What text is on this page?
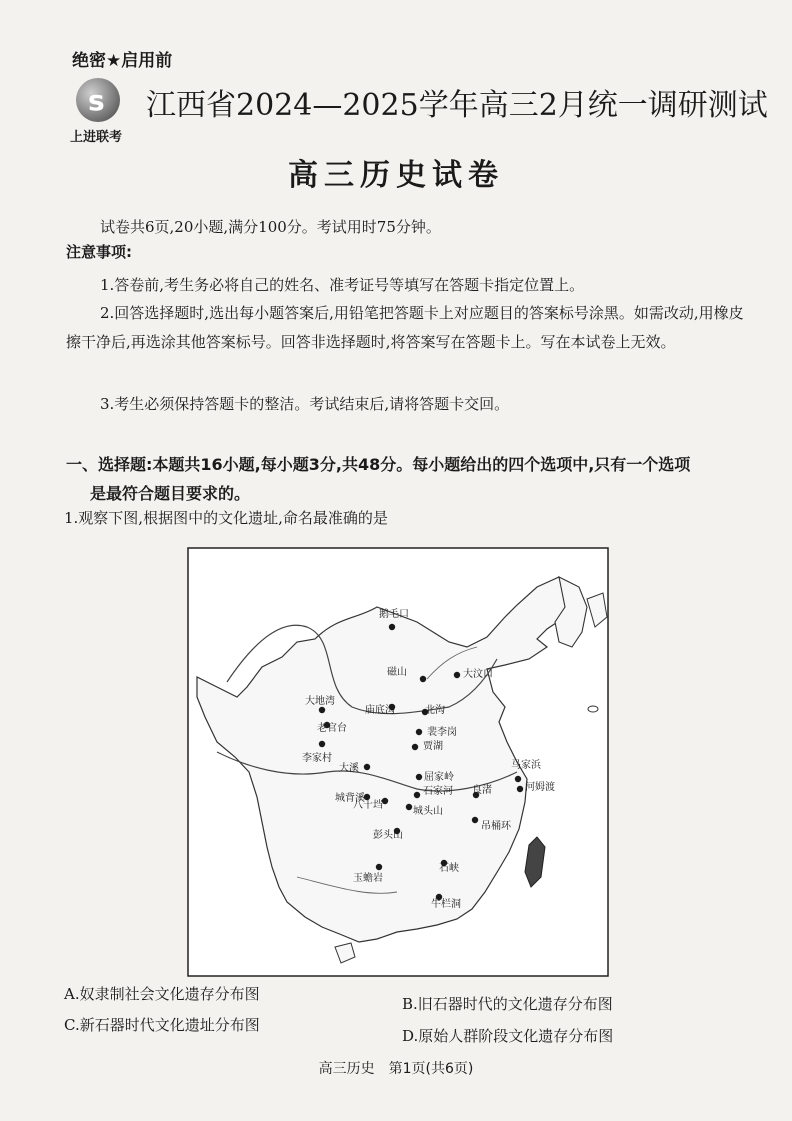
绝密★启用前
s
上进联考
江西省2024—2025学年高三2月统一调研测试
高三历史试卷
试卷共6页,20小题,满分100分。考试用时75分钟。
注意事项:
1.答卷前,考生务必将自己的姓名、准考证号等填写在答题卡指定位置上。
2.回答选择题时,选出每小题答案后,用铅笔把答题卡上对应题目的答案标号涂黑。如需改动,用橡皮擦干净后,再选涂其他答案标号。回答非选择题时,将答案写在答题卡上。写在本试卷上无效。
3.考生必须保持答题卡的整洁。考试结束后,请将答题卡交回。
一、选择题:本题共16小题,每小题3分,共48分。每小题给出的四个选项中,只有一个选项
是最符合题目要求的。
1.观察下图,根据图中的文化遗址,命名最准确的是
鹅毛口
磁山	大汶口
大地湾
庙底沟	北沟
老官台	裴李岗
贾湖
李家村
大溪
屈家岭
石家河
城背溪
八十垱
城头山
彭头山
良渚
吊桶环
马家浜
河姆渡
玉蟾岩
石峡
牛栏洞
A.奴隶制社会文化遗存分布图
B.旧石器时代的文化遗存分布图
C.新石器时代文化遗址分布图
D.原始人群阶段文化遗存分布图
高三历史　第1页(共6页)
